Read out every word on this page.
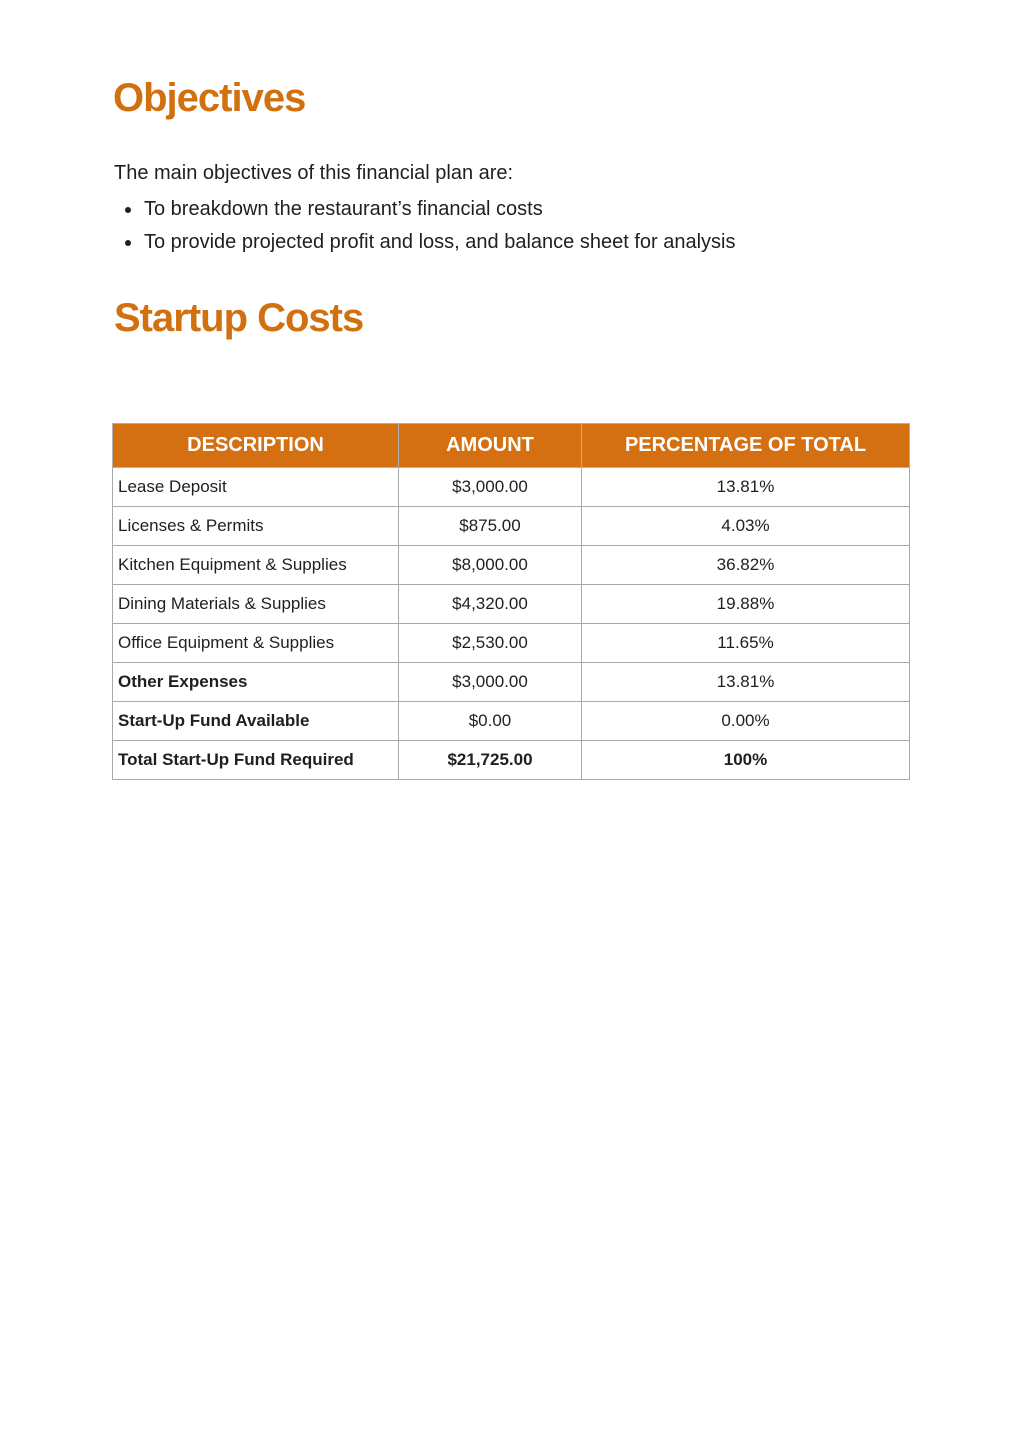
Objectives

The main objectives of this financial plan are:

To breakdown the restaurant’s financial costs
To provide projected profit and loss, and balance sheet for analysis
Startup Costs
DESCRIPTION	AMOUNT	PERCENTAGE OF TOTAL
Lease Deposit	$3,000.00	13.81%
Licenses & Permits	$875.00	4.03%
Kitchen Equipment & Supplies	$8,000.00	36.82%
Dining Materials & Supplies	$4,320.00	19.88%
Office Equipment & Supplies	$2,530.00	11.65%
Other Expenses	$3,000.00	13.81%
Start-Up Fund Available	$0.00	0.00%
Total Start-Up Fund Required	$21,725.00	100%
